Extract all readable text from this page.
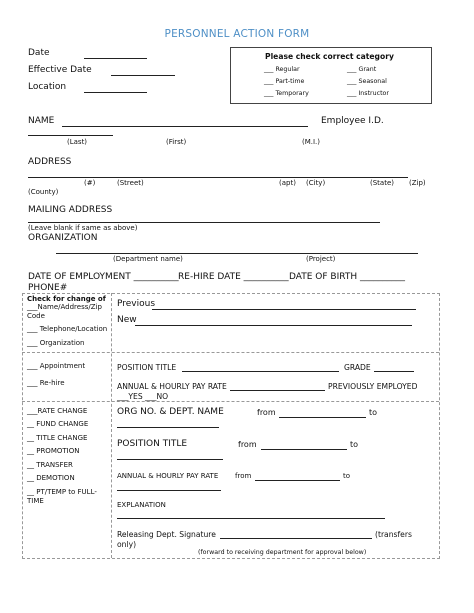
PERSONNEL ACTION FORM
Date
Effective Date
Location
Please check correct category
___ Regular	___ Grant
___ Part-time	___ Seasonal
___ Temporary	___ Instructor
NAME	Employee I.D.
(Last)	(First)	(M.I.)
ADDRESS
(#)	(Street)	(apt) (City)	(State) (Zip)
(County)
MAILING ADDRESS
(Leave blank if same as above)
ORGANIZATION
(Department name)	(Project)
DATE OF EMPLOYMENT __________ RE-HIRE DATE __________ DATE OF BIRTH __________
PHONE#
Check for change of
___Name/Address/Zip Code
___ Telephone/Location
___ Organization
Previous
New
___ Appointment
___ Re-hire
POSITION TITLE	GRADE
ANNUAL & HOURLY PAY RATE	PREVIOUSLY EMPLOYED
___YES ___NO
___RATE CHANGE
__ FUND CHANGE
__ TITLE CHANGE
__ PROMOTION
__ TRANSFER
__ DEMOTION
__ PT/TEMP to FULL-TIME
ORG NO. & DEPT. NAME	from	to
POSITION TITLE	from	to
ANNUAL & HOURLY PAY RATE from	to
EXPLANATION
Releasing Dept. Signature	(transfers only)
(forward to receiving department for approval below)
